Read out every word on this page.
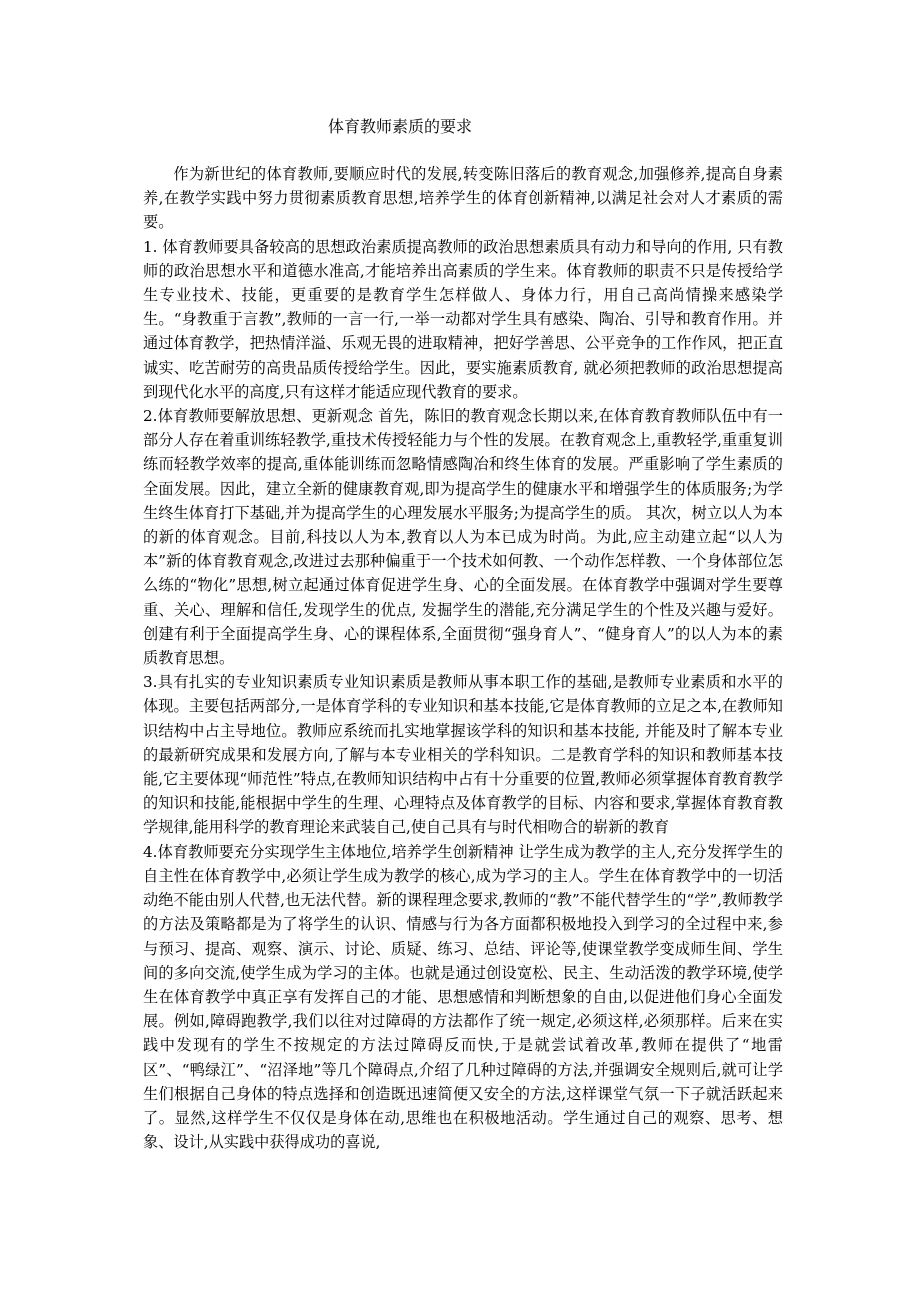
体育教师素质的要求

作为新世纪的体育教师,要顺应时代的发展,转变陈旧落后的教育观念,加强修养,提高自身素养,在教学实践中努力贯彻素质教育思想,培养学生的体育创新精神,以满足社会对人才素质的需要。

1. 体育教师要具备较高的思想政治素质提高教师的政治思想素质具有动力和导向的作用, 只有教师的政治思想水平和道德水准高,才能培养出高素质的学生来。体育教师的职责不只是传授给学生专业技术、技能，更重要的是教育学生怎样做人、身体力行，用自己高尚情操来感染学生。“身教重于言教”,教师的一言一行,一举一动都对学生具有感染、陶冶、引导和教育作用。并通过体育教学，把热情洋溢、乐观无畏的进取精神，把好学善思、公平竞争的工作作风，把正直诚实、吃苦耐劳的高贵品质传授给学生。因此，要实施素质教育, 就必须把教师的政治思想提高到现代化水平的高度,只有这样才能适应现代教育的要求。

2.体育教师要解放思想、更新观念 首先，陈旧的教育观念长期以来,在体育教育教师队伍中有一部分人存在着重训练轻教学,重技术传授轻能力与个性的发展。在教育观念上,重教轻学,重重复训练而轻教学效率的提高,重体能训练而忽略情感陶冶和终生体育的发展。严重影响了学生素质的全面发展。因此，建立全新的健康教育观,即为提高学生的健康水平和增强学生的体质服务;为学生终生体育打下基础,并为提高学生的心理发展水平服务;为提高学生的质。 其次，树立以人为本的新的体育观念。目前,科技以人为本,教育以人为本已成为时尚。为此,应主动建立起“以人为本”新的体育教育观念,改进过去那种偏重于一个技术如何教、一个动作怎样教、一个身体部位怎么练的“物化”思想,树立起通过体育促进学生身、心的全面发展。在体育教学中强调对学生要尊重、关心、理解和信任,发现学生的优点, 发掘学生的潜能,充分满足学生的个性及兴趣与爱好。创建有利于全面提高学生身、心的课程体系,全面贯彻“强身育人”、“健身育人”的以人为本的素质教育思想。

3.具有扎实的专业知识素质专业知识素质是教师从事本职工作的基础,是教师专业素质和水平的体现。主要包括两部分,一是体育学科的专业知识和基本技能,它是体育教师的立足之本,在教师知识结构中占主导地位。教师应系统而扎实地掌握该学科的知识和基本技能, 并能及时了解本专业的最新研究成果和发展方向,了解与本专业相关的学科知识。二是教育学科的知识和教师基本技能,它主要体现“师范性”特点,在教师知识结构中占有十分重要的位置,教师必须掌握体育教育教学的知识和技能,能根据中学生的生理、心理特点及体育教学的目标、内容和要求,掌握体育教育教学规律,能用科学的教育理论来武装自己,使自己具有与时代相吻合的崭新的教育

4.体育教师要充分实现学生主体地位,培养学生创新精神 让学生成为教学的主人,充分发挥学生的自主性在体育教学中,必须让学生成为教学的核心,成为学习的主人。学生在体育教学中的一切活动绝不能由别人代替,也无法代替。新的课程理念要求,教师的“教”不能代替学生的“学”,教师教学的方法及策略都是为了将学生的认识、情感与行为各方面都积极地投入到学习的全过程中来,参与预习、提高、观察、演示、讨论、质疑、练习、总结、评论等,使课堂教学变成师生间、学生间的多向交流,使学生成为学习的主体。也就是通过创设宽松、民主、生动活泼的教学环境,使学生在体育教学中真正享有发挥自己的才能、思想感情和判断想象的自由,以促进他们身心全面发展。例如,障碍跑教学,我们以往对过障碍的方法都作了统一规定,必须这样,必须那样。后来在实践中发现有的学生不按规定的方法过障碍反而快,于是就尝试着改革,教师在提供了“地雷区”、“鸭绿江”、“沼泽地”等几个障碍点,介绍了几种过障碍的方法,并强调安全规则后,就可让学生们根据自己身体的特点选择和创造既迅速简便又安全的方法,这样课堂气氛一下子就活跃起来了。显然,这样学生不仅仅是身体在动,思维也在积极地活动。学生通过自己的观察、思考、想象、设计,从实践中获得成功的喜说,
